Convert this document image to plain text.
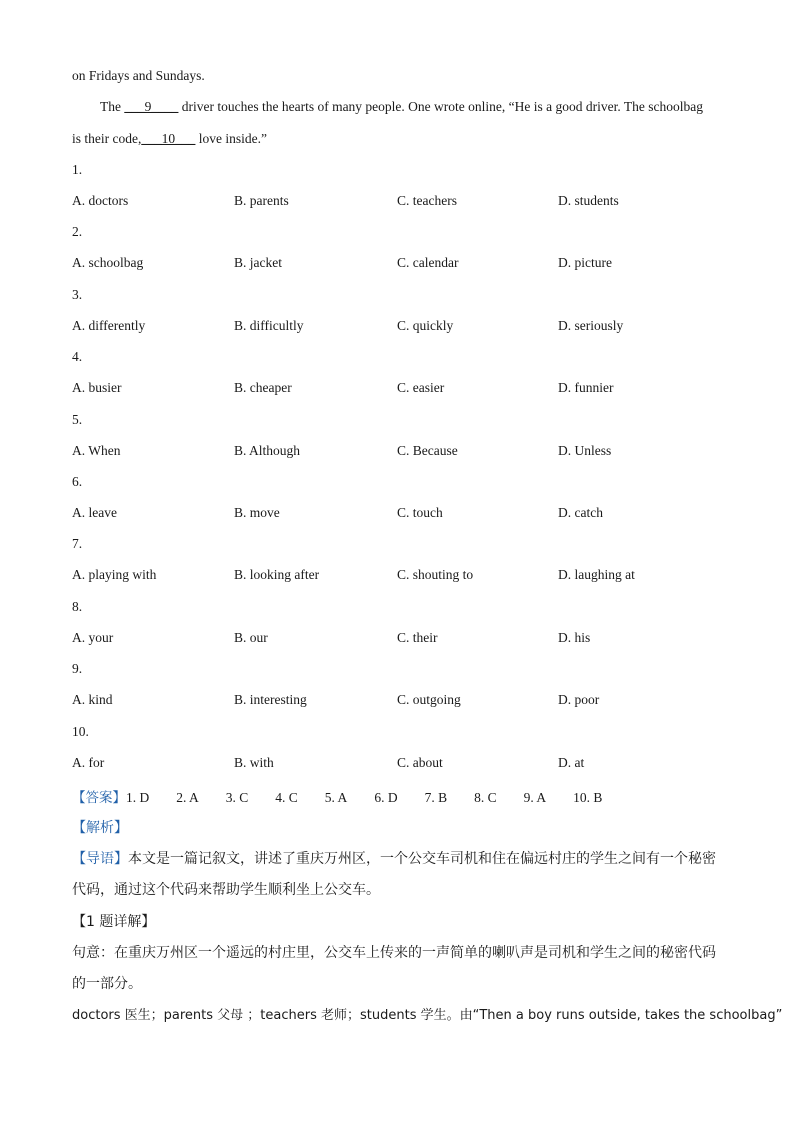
on Fridays and Sundays.
The ___9____ driver touches the hearts of many people. One wrote online, “He is a good driver. The schoolbag
is their code,___10___ love inside.”
1.
A. doctors	B. parents	C. teachers	D. students
2.
A. schoolbag	B. jacket	C. calendar	D. picture
3.
A. differently	B. difficultly	C. quickly	D. seriously
4.
A. busier	B. cheaper	C. easier	D. funnier
5.
A. When	B. Although	C. Because	D. Unless
6.
A. leave	B. move	C. touch	D. catch
7.
A. playing with	B. looking after	C. shouting to	D. laughing at
8.
A. your	B. our	C. their	D. his
9.
A. kind	B. interesting	C. outgoing	D. poor
10.
A. for	B. with	C. about	D. at
【答案】1. D 2. A 3. C 4. C 5. A 6. D 7. B 8. C 9. A 10. B
【解析】
【导语】本文是一篇记叙文，讲述了重庆万州区，一个公交车司机和住在偏远村庄的学生之间有一个秘密
代码，通过这个代码来帮助学生顺利坐上公交车。
【1 题详解】
句意：在重庆万州区一个遥远的村庄里，公交车上传来的一声简单的喇叭声是司机和学生之间的秘密代码
的一部分。
doctors 医生；parents 父母 ；teachers 老师；students 学生。由“Then a boy runs outside, takes the schoolbag”
